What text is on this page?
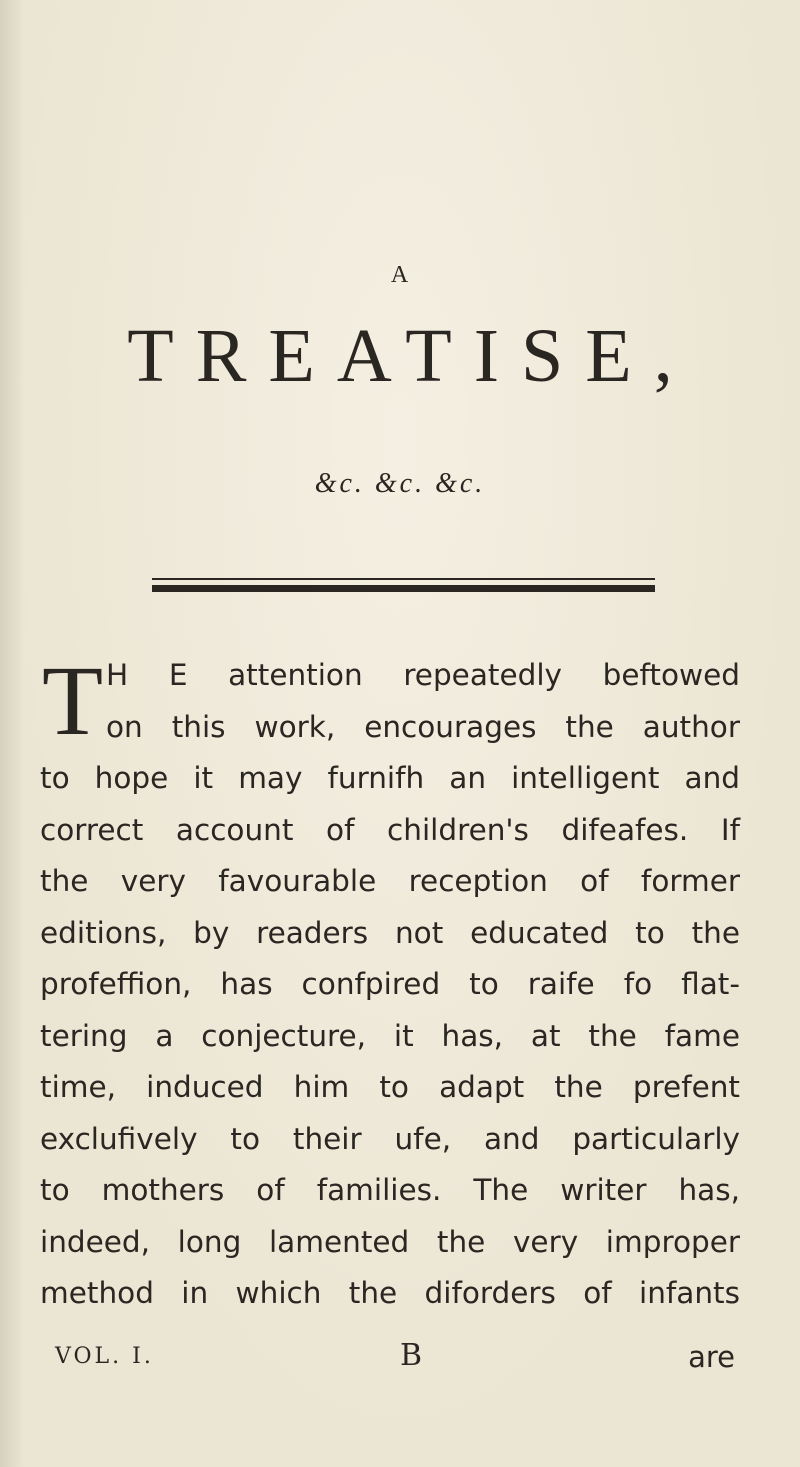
A
TREATISE,
&c. &c. &c.
T H E attention repeatedly beftowed
on this work, encourages the author
to hope it may furnifh an intelligent and
correct account of children's difeafes. If
the very favourable reception of former
editions, by readers not educated to the
profeffion, has confpired to raife fo flat-
tering a conjecture, it has, at the fame
time, induced him to adapt the prefent
exclufively to their ufe, and particularly
to mothers of families. The writer has,
indeed, long lamented the very improper
method in which the diforders of infants
VOL. I.	B	are
